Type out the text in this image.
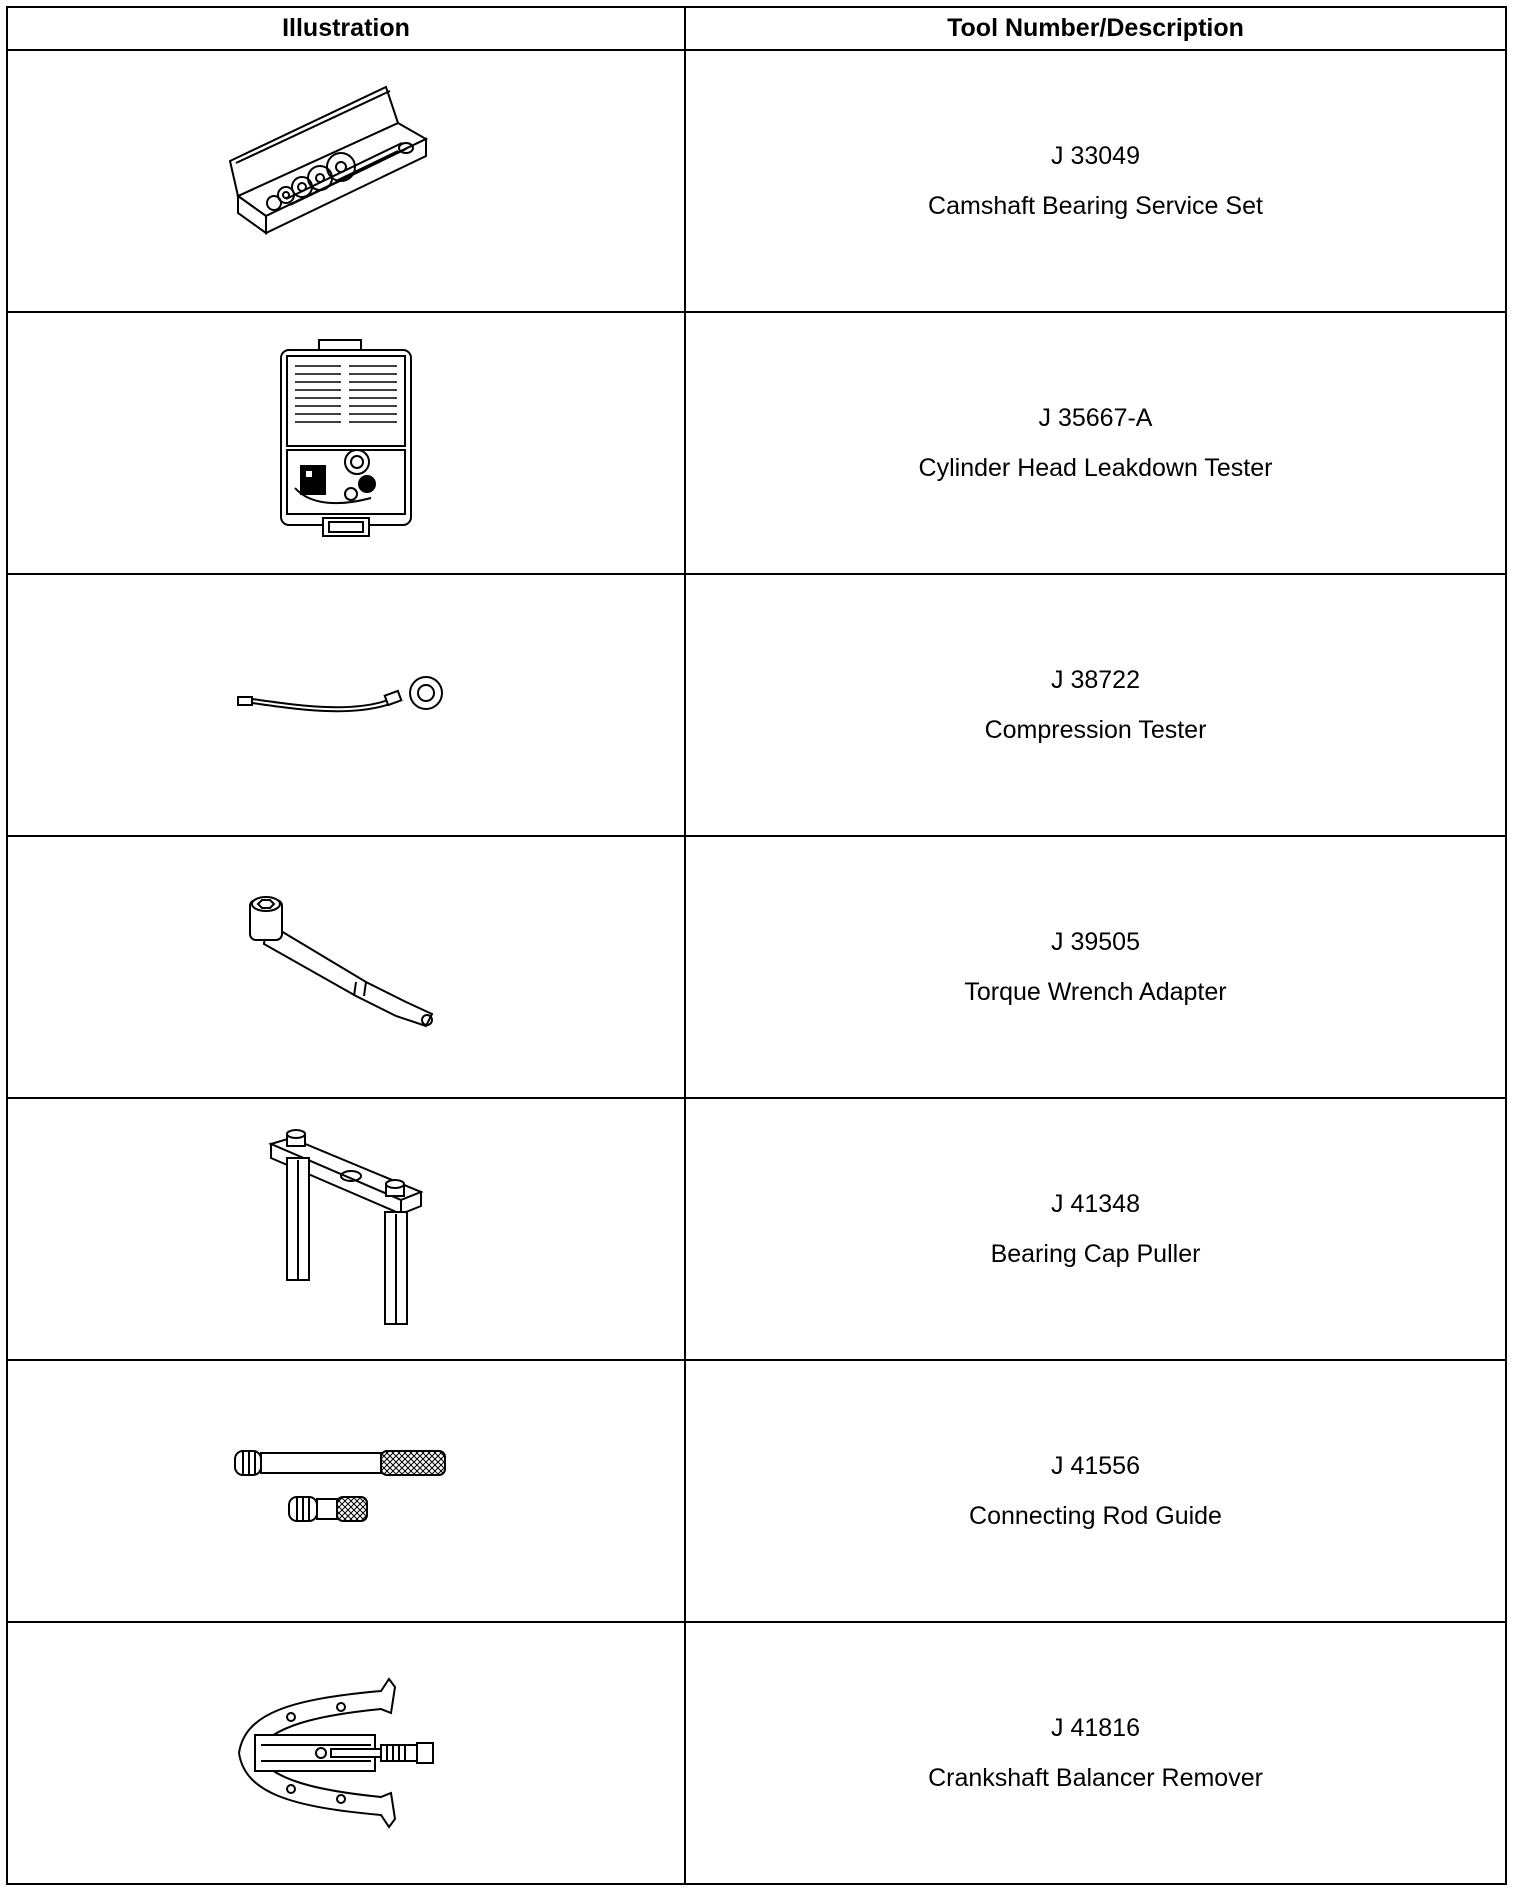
Illustration	Tool Number/Description

J 33049
Camshaft Bearing Service Set

J 35667-A
Cylinder Head Leakdown Tester

J 38722
Compression Tester

J 39505
Torque Wrench Adapter

J 41348
Bearing Cap Puller

J 41556
Connecting Rod Guide

J 41816
Crankshaft Balancer Remover
